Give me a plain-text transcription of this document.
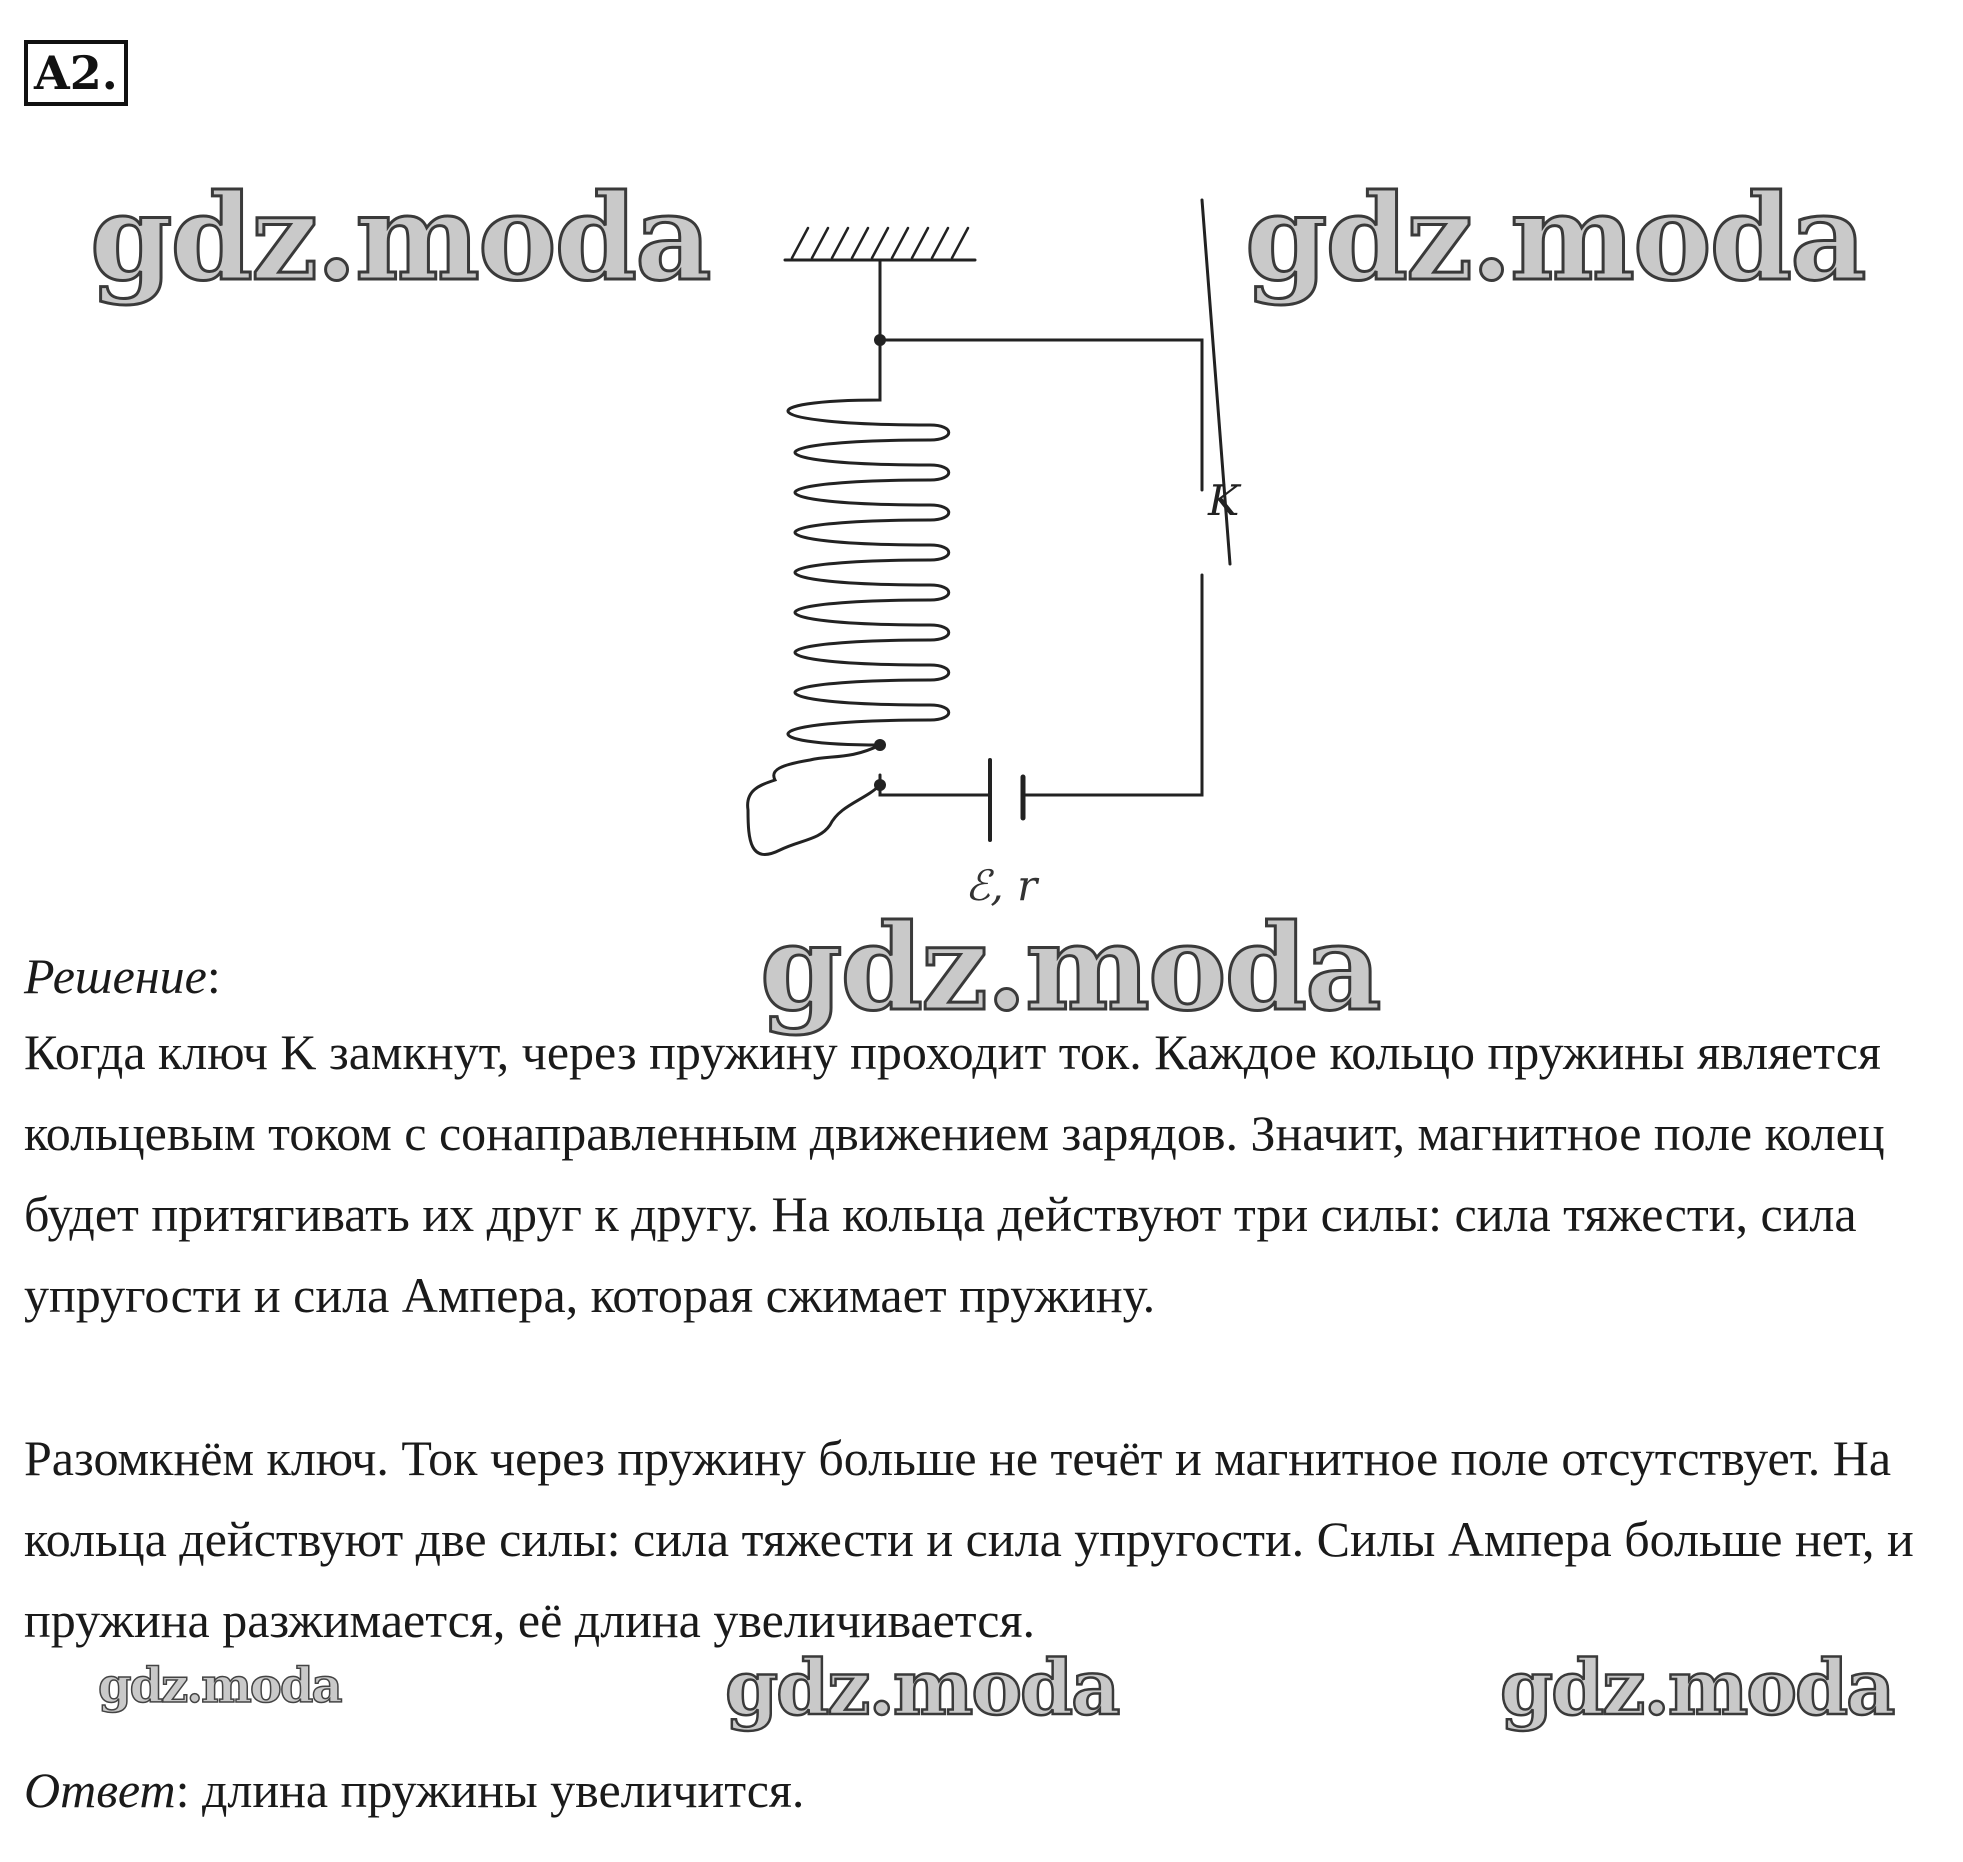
A2.
gdz.moda	gdz.moda
gdz.moda
gdz.moda	gdz.moda	gdz.moda
K
ℰ, r
Решение:

Когда ключ K замкнут, через пружину проходит ток. Каждое кольцо пружины является кольцевым током с сонаправленным движением зарядов. Значит, магнитное поле колец будет притягивать их друг к другу. На кольца действуют три силы: сила тяжести, сила упругости и сила Ампера, которая сжимает пружину.

Разомкнём ключ. Ток через пружину больше не течёт и магнитное поле отсутствует. На кольца действуют две силы: сила тяжести и сила упругости. Силы Ампера больше нет, и пружина разжимается, её длина увеличивается.

Ответ: длина пружины увеличится.
